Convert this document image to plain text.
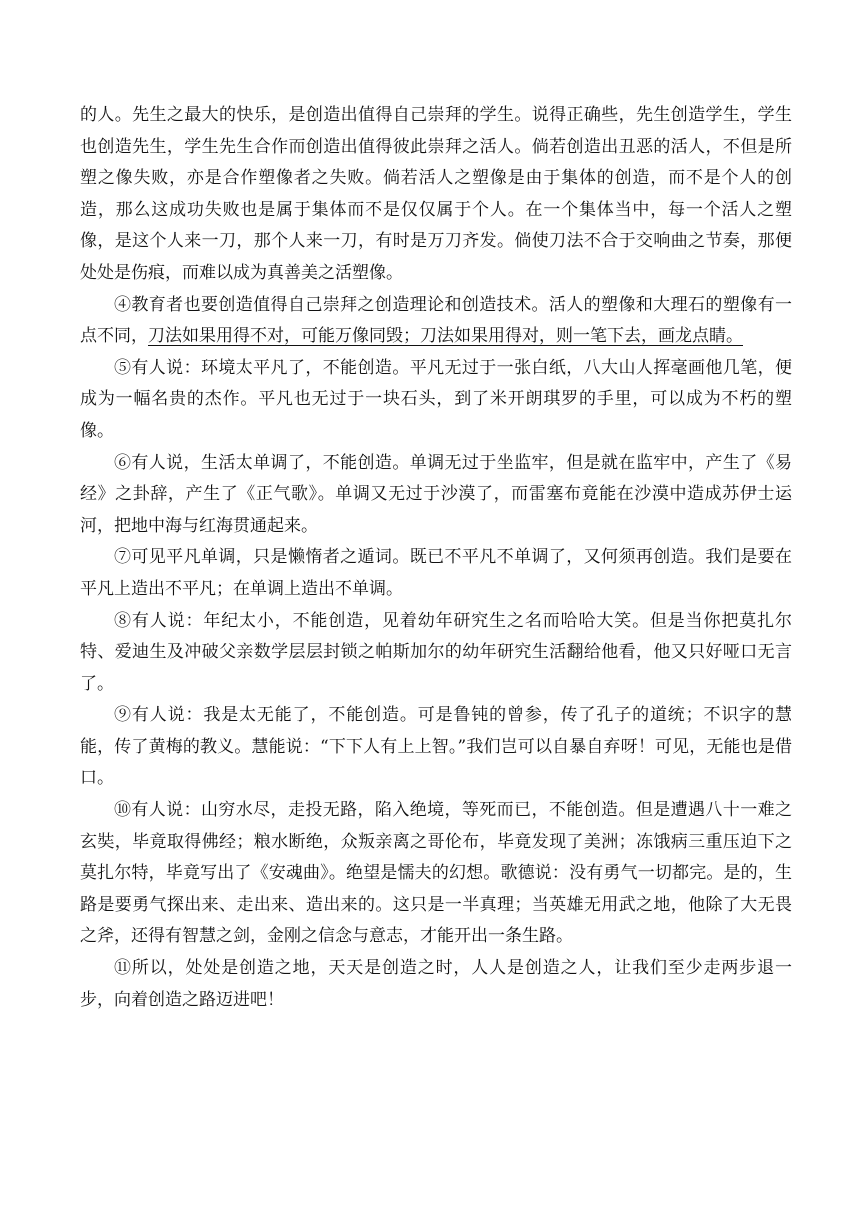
的人。先生之最大的快乐，是创造出值得自己崇拜的学生。说得正确些，先生创造学生，学生也创造先生，学生先生合作而创造出值得彼此崇拜之活人。倘若创造出丑恶的活人，不但是所塑之像失败，亦是合作塑像者之失败。倘若活人之塑像是由于集体的创造，而不是个人的创造，那么这成功失败也是属于集体而不是仅仅属于个人。在一个集体当中，每一个活人之塑像，是这个人来一刀，那个人来一刀，有时是万刀齐发。倘使刀法不合于交响曲之节奏，那便处处是伤痕，而难以成为真善美之活塑像。

④教育者也要创造值得自己崇拜之创造理论和创造技术。活人的塑像和大理石的塑像有一点不同，刀法如果用得不对，可能万像同毁；刀法如果用得对，则一笔下去，画龙点睛。

⑤有人说：环境太平凡了，不能创造。平凡无过于一张白纸，八大山人挥毫画他几笔，便成为一幅名贵的杰作。平凡也无过于一块石头，到了米开朗琪罗的手里，可以成为不朽的塑像。

⑥有人说，生活太单调了，不能创造。单调无过于坐监牢，但是就在监牢中，产生了《易经》之卦辞，产生了《正气歌》。单调又无过于沙漠了，而雷塞布竟能在沙漠中造成苏伊士运河，把地中海与红海贯通起来。

⑦可见平凡单调，只是懒惰者之遁词。既已不平凡不单调了，又何须再创造。我们是要在平凡上造出不平凡；在单调上造出不单调。

⑧有人说：年纪太小，不能创造，见着幼年研究生之名而哈哈大笑。但是当你把莫扎尔特、爱迪生及冲破父亲数学层层封锁之帕斯加尔的幼年研究生活翻给他看，他又只好哑口无言了。

⑨有人说：我是太无能了，不能创造。可是鲁钝的曾参，传了孔子的道统；不识字的慧能，传了黄梅的教义。慧能说：“下下人有上上智。”我们岂可以自暴自弃呀！可见，无能也是借口。

⑩有人说：山穷水尽，走投无路，陷入绝境，等死而已，不能创造。但是遭遇八十一难之玄奘，毕竟取得佛经；粮水断绝，众叛亲离之哥伦布，毕竟发现了美洲；冻饿病三重压迫下之莫扎尔特，毕竟写出了《安魂曲》。绝望是懦夫的幻想。歌德说：没有勇气一切都完。是的，生路是要勇气探出来、走出来、造出来的。这只是一半真理；当英雄无用武之地，他除了大无畏之斧，还得有智慧之剑，金刚之信念与意志，才能开出一条生路。

⑪所以，处处是创造之地，天天是创造之时，人人是创造之人，让我们至少走两步退一步，向着创造之路迈进吧！
